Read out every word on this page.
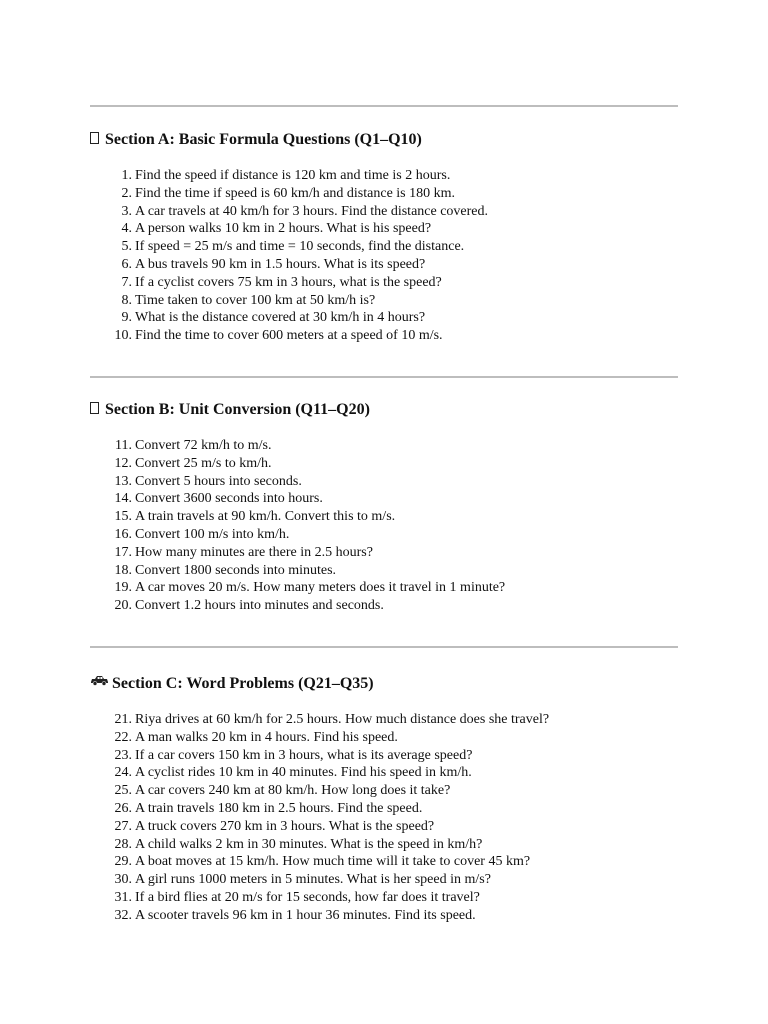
Section A: Basic Formula Questions (Q1–Q10)
1. Find the speed if distance is 120 km and time is 2 hours.
2. Find the time if speed is 60 km/h and distance is 180 km.
3. A car travels at 40 km/h for 3 hours. Find the distance covered.
4. A person walks 10 km in 2 hours. What is his speed?
5. If speed = 25 m/s and time = 10 seconds, find the distance.
6. A bus travels 90 km in 1.5 hours. What is its speed?
7. If a cyclist covers 75 km in 3 hours, what is the speed?
8. Time taken to cover 100 km at 50 km/h is?
9. What is the distance covered at 30 km/h in 4 hours?
10. Find the time to cover 600 meters at a speed of 10 m/s.
Section B: Unit Conversion (Q11–Q20)
11. Convert 72 km/h to m/s.
12. Convert 25 m/s to km/h.
13. Convert 5 hours into seconds.
14. Convert 3600 seconds into hours.
15. A train travels at 90 km/h. Convert this to m/s.
16. Convert 100 m/s into km/h.
17. How many minutes are there in 2.5 hours?
18. Convert 1800 seconds into minutes.
19. A car moves 20 m/s. How many meters does it travel in 1 minute?
20. Convert 1.2 hours into minutes and seconds.
Section C: Word Problems (Q21–Q35)
21. Riya drives at 60 km/h for 2.5 hours. How much distance does she travel?
22. A man walks 20 km in 4 hours. Find his speed.
23. If a car covers 150 km in 3 hours, what is its average speed?
24. A cyclist rides 10 km in 40 minutes. Find his speed in km/h.
25. A car covers 240 km at 80 km/h. How long does it take?
26. A train travels 180 km in 2.5 hours. Find the speed.
27. A truck covers 270 km in 3 hours. What is the speed?
28. A child walks 2 km in 30 minutes. What is the speed in km/h?
29. A boat moves at 15 km/h. How much time will it take to cover 45 km?
30. A girl runs 1000 meters in 5 minutes. What is her speed in m/s?
31. If a bird flies at 20 m/s for 15 seconds, how far does it travel?
32. A scooter travels 96 km in 1 hour 36 minutes. Find its speed.
